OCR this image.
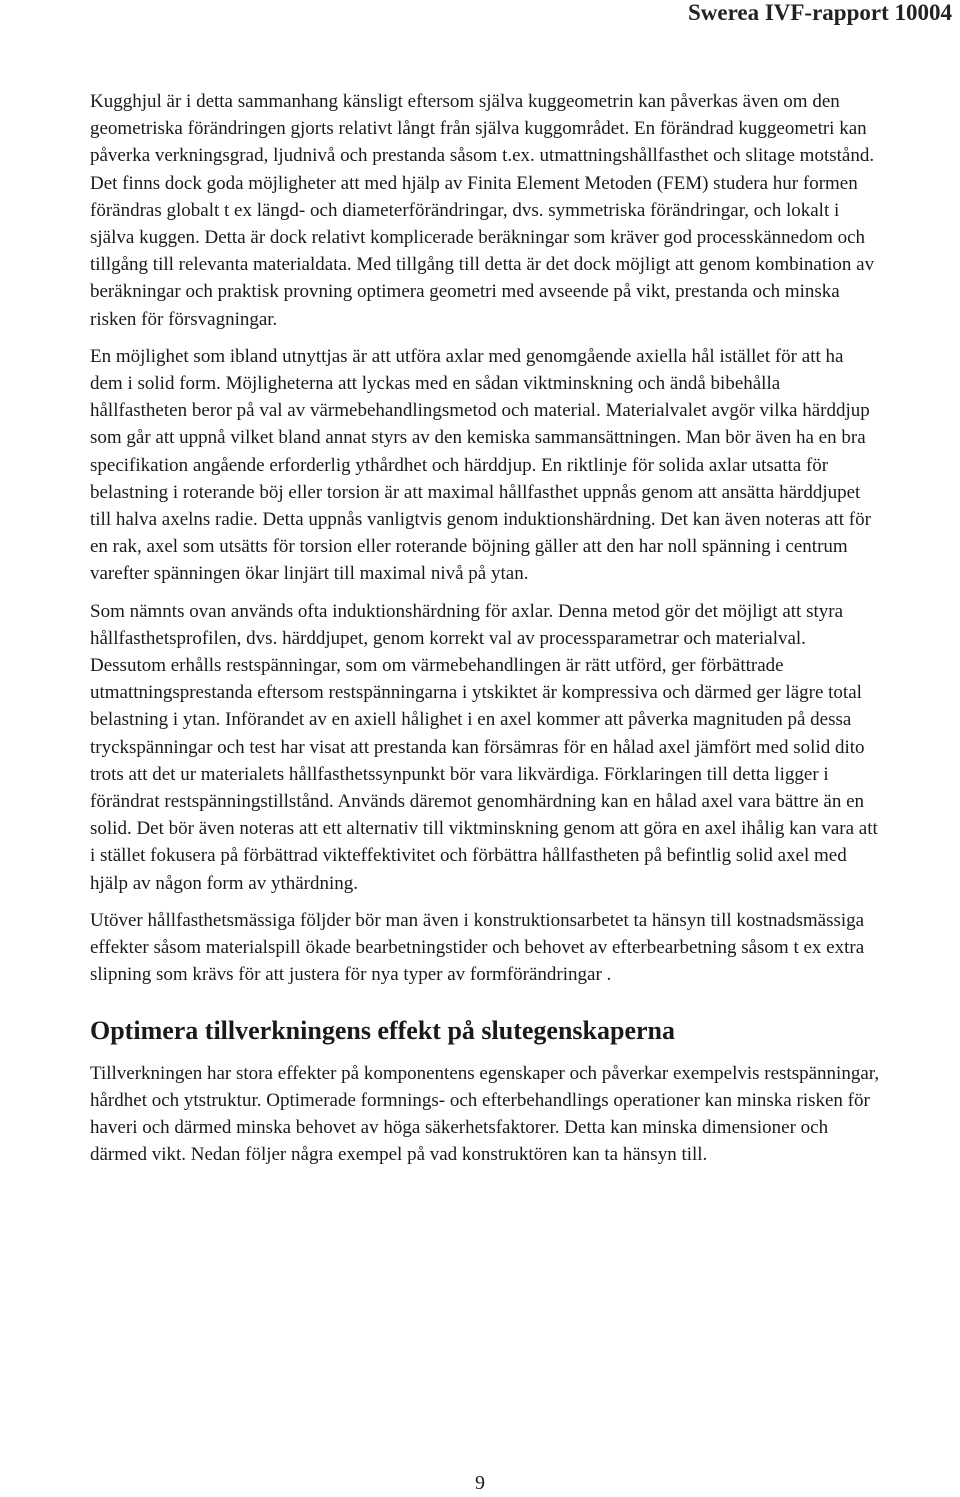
Swerea IVF-rapport 10004

Kugghjul är i detta sammanhang känsligt eftersom själva kuggeometrin kan påverkas även om den geometriska förändringen gjorts relativt långt från själva kuggområdet. En förändrad kuggeometri kan påverka verkningsgrad, ljudnivå och prestanda såsom t.ex. utmattningshållfasthet och slitage motstånd. Det finns dock goda möjligheter att med hjälp av Finita Element Metoden (FEM) studera hur formen förändras globalt t ex längd- och diameterförändringar, dvs. symmetriska förändringar, och lokalt i själva kuggen. Detta är dock relativt komplicerade beräkningar som kräver god processkännedom och tillgång till relevanta materialdata. Med tillgång till detta är det dock möjligt att genom kombination av beräkningar och praktisk provning optimera geometri med avseende på vikt, prestanda och minska risken för försvagningar.

En möjlighet som ibland utnyttjas är att utföra axlar med genomgående axiella hål istället för att ha dem i solid form. Möjligheterna att lyckas med en sådan viktminskning och ändå bibehålla hållfastheten beror på val av värmebehandlingsmetod och material. Materialvalet avgör vilka härddjup som går att uppnå vilket bland annat styrs av den kemiska sammansättningen. Man bör även ha en bra specifikation angående erforderlig ythårdhet och härddjup. En riktlinje för solida axlar utsatta för belastning i roterande böj eller torsion är att maximal hållfasthet uppnås genom att ansätta härddjupet till halva axelns radie. Detta uppnås vanligtvis genom induktionshärdning. Det kan även noteras att för en rak, axel som utsätts för torsion eller roterande böjning gäller att den har noll spänning i centrum varefter spänningen ökar linjärt till maximal nivå på ytan.

Som nämnts ovan används ofta induktionshärdning för axlar. Denna metod gör det möjligt att styra hållfasthetsprofilen, dvs. härddjupet, genom korrekt val av processparametrar och materialval. Dessutom erhålls restspänningar, som om värmebehandlingen är rätt utförd, ger förbättrade utmattningsprestanda eftersom restspänningarna i ytskiktet är kompressiva och därmed ger lägre total belastning i ytan. Införandet av en axiell hålighet i en axel kommer att påverka magnituden på dessa tryckspänningar och test har visat att prestanda kan försämras för en hålad axel jämfört med solid dito trots att det ur materialets hållfasthetssynpunkt bör vara likvärdiga. Förklaringen till detta ligger i förändrat restspänningstillstånd. Används däremot genomhärdning kan en hålad axel vara bättre än en solid. Det bör även noteras att ett alternativ till viktminskning genom att göra en axel ihålig kan vara att i stället fokusera på förbättrad vikteffektivitet och förbättra hållfastheten på befintlig solid axel med hjälp av någon form av ythärdning.

Utöver hållfasthetsmässiga följder bör man även i konstruktionsarbetet ta hänsyn till kostnadsmässiga effekter såsom materialspill ökade bearbetningstider och behovet av efterbearbetning såsom t ex extra slipning som krävs för att justera för nya typer av formförändringar .

Optimera tillverkningens effekt på slutegenskaperna

Tillverkningen har stora effekter på komponentens egenskaper och påverkar exempelvis restspänningar, hårdhet och ytstruktur. Optimerade formnings- och efterbehandlings operationer kan minska risken för haveri och därmed minska behovet av höga säkerhetsfaktorer. Detta kan minska dimensioner och därmed vikt. Nedan följer några exempel på vad konstruktören kan ta hänsyn till.

9
